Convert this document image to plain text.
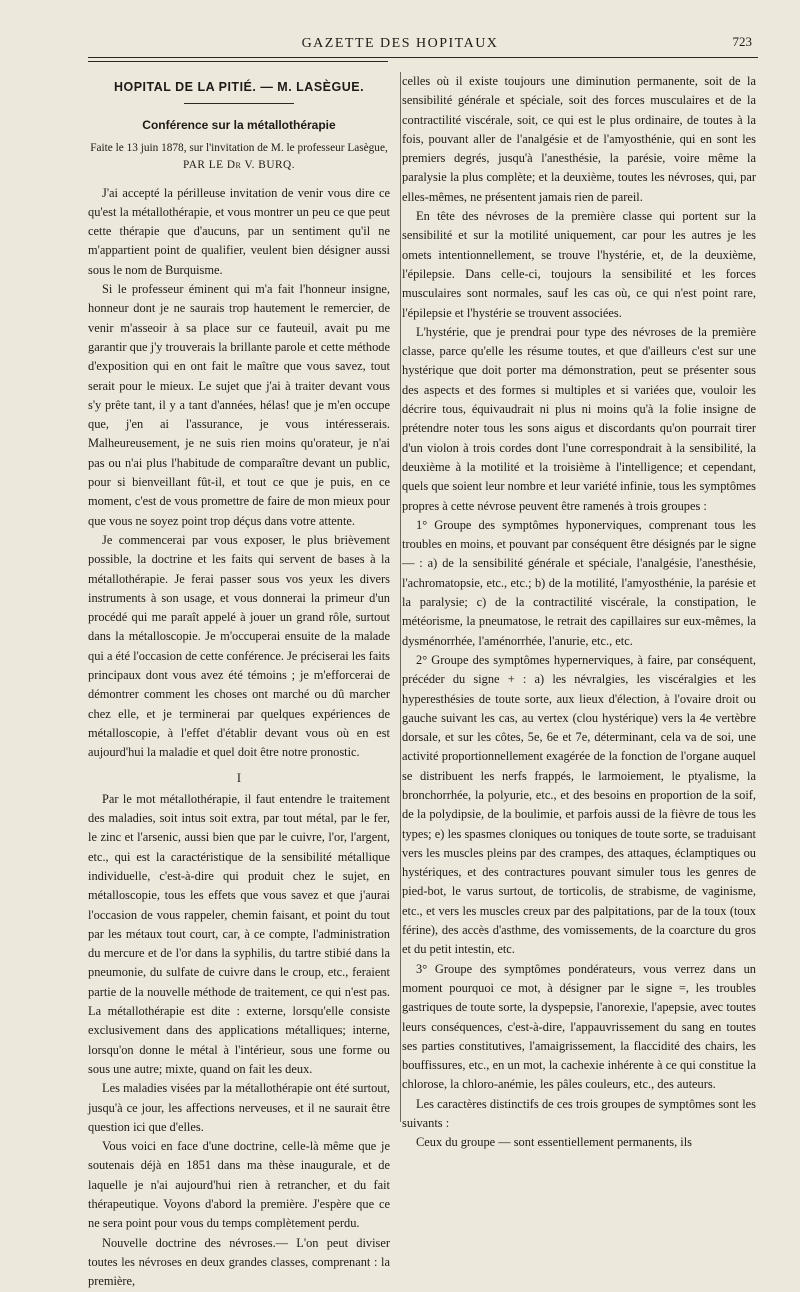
GAZETTE DES HOPITAUX	723
HOPITAL DE LA PITIÉ. — M. LASÈGUE.
Conférence sur la métallothérapie
Faite le 13 juin 1878, sur l'invitation de M. le professeur Lasègue,
PAR LE Dr V. BURQ.

J'ai accepté la périlleuse invitation de venir vous dire ce qu'est la métallothérapie, et vous montrer un peu ce que peut cette thérapie que d'aucuns, par un sentiment qu'il ne m'appartient point de qualifier, veulent bien désigner aussi sous le nom de Burquisme.

Si le professeur éminent qui m'a fait l'honneur insigne, honneur dont je ne saurais trop hautement le remercier, de venir m'asseoir à sa place sur ce fauteuil, avait pu me garantir que j'y trouverais la brillante parole et cette méthode d'exposition qui en ont fait le maître que vous savez, tout serait pour le mieux. Le sujet que j'ai à traiter devant vous s'y prête tant, il y a tant d'années, hélas! que je m'en occupe que, j'en ai l'assurance, je vous intéresserais. Malheureusement, je ne suis rien moins qu'orateur, je n'ai pas ou n'ai plus l'habitude de comparaître devant un public, pour si bienveillant fût-il, et tout ce que je puis, en ce moment, c'est de vous promettre de faire de mon mieux pour que vous ne soyez point trop déçus dans votre attente.

Je commencerai par vous exposer, le plus brièvement possible, la doctrine et les faits qui servent de bases à la métallothérapie. Je ferai passer sous vos yeux les divers instruments à son usage, et vous donnerai la primeur d'un procédé qui me paraît appelé à jouer un grand rôle, surtout dans la métalloscopie. Je m'occuperai ensuite de la malade qui a été l'occasion de cette conférence. Je préciserai les faits principaux dont vous avez été témoins ; je m'efforcerai de démontrer comment les choses ont marché ou dû marcher chez elle, et je terminerai par quelques expériences de métalloscopie, à l'effet d'établir devant vous où en est aujourd'hui la maladie et quel doit être notre pronostic.

I

Par le mot métallothérapie, il faut entendre le traitement des maladies, soit intus soit extra, par tout métal, par le fer, le zinc et l'arsenic, aussi bien que par le cuivre, l'or, l'argent, etc., qui est la caractéristique de la sensibilité métallique individuelle, c'est-à-dire qui produit chez le sujet, en métalloscopie, tous les effets que vous savez et que j'aurai l'occasion de vous rappeler, chemin faisant, et point du tout par les métaux tout court, car, à ce compte, l'administration du mercure et de l'or dans la syphilis, du tartre stibié dans la pneumonie, du sulfate de cuivre dans le croup, etc., feraient partie de la nouvelle méthode de traitement, ce qui n'est pas. La métallothérapie est dite : externe, lorsqu'elle consiste exclusivement dans des applications métalliques; interne, lorsqu'on donne le métal à l'intérieur, sous une forme ou sous une autre; mixte, quand on fait les deux.

Les maladies visées par la métallothérapie ont été surtout, jusqu'à ce jour, les affections nerveuses, et il ne saurait être question ici que d'elles.

Vous voici en face d'une doctrine, celle-là même que je soutenais déjà en 1851 dans ma thèse inaugurale, et de laquelle je n'ai aujourd'hui rien à retrancher, et du fait thérapeutique. Voyons d'abord la première. J'espère que ce ne sera point pour vous du temps complètement perdu.

Nouvelle doctrine des névroses.— L'on peut diviser toutes les névroses en deux grandes classes, comprenant : la première,

celles où il existe toujours une diminution permanente, soit de la sensibilité générale et spéciale, soit des forces musculaires et de la contractilité viscérale, soit, ce qui est le plus ordinaire, de toutes à la fois, pouvant aller de l'analgésie et de l'amyosthénie, qui en sont les premiers degrés, jusqu'à l'anesthésie, la parésie, voire même la paralysie la plus complète; et la deuxième, toutes les névroses, qui, par elles-mêmes, ne présentent jamais rien de pareil.

En tête des névroses de la première classe qui portent sur la sensibilité et sur la motilité uniquement, car pour les autres je les omets intentionnellement, se trouve l'hystérie, et, de la deuxième, l'épilepsie. Dans celle-ci, toujours la sensibilité et les forces musculaires sont normales, sauf les cas où, ce qui n'est point rare, l'épilepsie et l'hystérie se trouvent associées.

L'hystérie, que je prendrai pour type des névroses de la première classe, parce qu'elle les résume toutes, et que d'ailleurs c'est sur une hystérique que doit porter ma démonstration, peut se présenter sous des aspects et des formes si multiples et si variées que, vouloir les décrire tous, équivaudrait ni plus ni moins qu'à la folie insigne de prétendre noter tous les sons aigus et discordants qu'on pourrait tirer d'un violon à trois cordes dont l'une correspondrait à la sensibilité, la deuxième à la motilité et la troisième à l'intelligence; et cependant, quels que soient leur nombre et leur variété infinie, tous les symptômes propres à cette névrose peuvent être ramenés à trois groupes :

1° Groupe des symptômes hyponerviques, comprenant tous les troubles en moins, et pouvant par conséquent être désignés par le signe — : a) de la sensibilité générale et spéciale, l'analgésie, l'anesthésie, l'achromatopsie, etc., etc.; b) de la motilité, l'amyosthénie, la parésie et la paralysie; c) de la contractilité viscérale, la constipation, le météorisme, la pneumatose, le retrait des capillaires sur eux-mêmes, la dysménorrhée, l'aménorrhée, l'anurie, etc., etc.

2° Groupe des symptômes hypernerviques, à faire, par conséquent, précéder du signe + : a) les névralgies, les viscéralgies et les hyperesthésies de toute sorte, aux lieux d'élection, à l'ovaire droit ou gauche suivant les cas, au vertex (clou hystérique) vers la 4e vertèbre dorsale, et sur les côtes, 5e, 6e et 7e, déterminant, cela va de soi, une activité proportionnellement exagérée de la fonction de l'organe auquel se distribuent les nerfs frappés, le larmoiement, le ptyalisme, la bronchorrhée, la polyurie, etc., et des besoins en proportion de la soif, de la polydipsie, de la boulimie, et parfois aussi de la fièvre de tous les types; e) les spasmes cloniques ou toniques de toute sorte, se traduisant vers les muscles pleins par des crampes, des attaques, éclamptiques ou hystériques, et des contractures pouvant simuler tous les genres de pied-bot, le varus surtout, de torticolis, de strabisme, de vaginisme, etc., et vers les muscles creux par des palpitations, par de la toux (toux férine), des accès d'asthme, des vomissements, de la coarcture du gros et du petit intestin, etc.

3° Groupe des symptômes pondérateurs, vous verrez dans un moment pourquoi ce mot, à désigner par le signe =, les troubles gastriques de toute sorte, la dyspepsie, l'anorexie, l'apepsie, avec toutes leurs conséquences, c'est-à-dire, l'appauvrissement du sang en toutes ses parties constitutives, l'amaigrissement, la flaccidité des chairs, les bouffissures, etc., en un mot, la cachexie inhérente à ce qui constitue la chlorose, la chloro-anémie, les pâles couleurs, etc., des auteurs.

Les caractères distinctifs de ces trois groupes de symptômes sont les suivants :

Ceux du groupe — sont essentiellement permanents, ils
